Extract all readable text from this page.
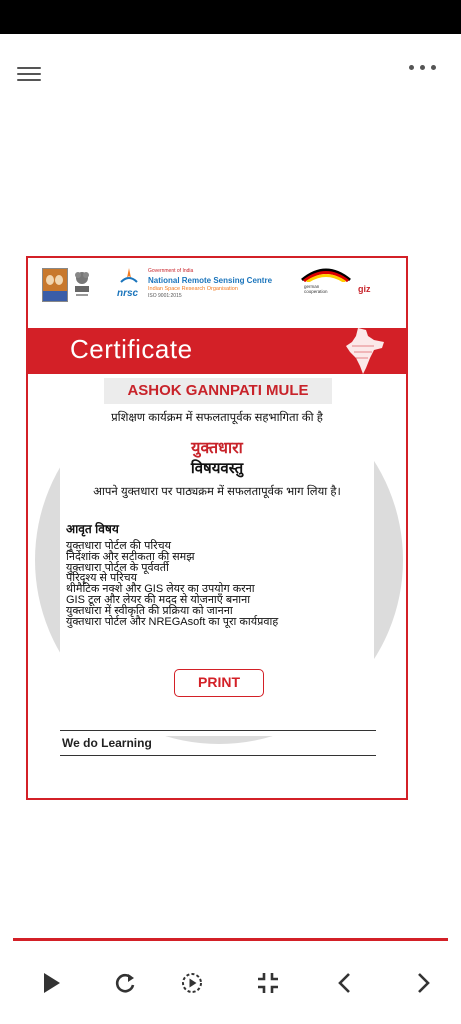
nrsc
Government of India
National Remote Sensing Centre
Indian Space Research Organisation
ISO 9001:2015
german cooperation	giz
Certificate
ASHOK GANNPATI MULE
प्रशिक्षण कार्यक्रम में सफलतापूर्वक सहभागिता की है
युक्तधारा
विषयवस्तु
आपने युक्तधारा पर पाठ्यक्रम में सफलतापूर्वक भाग लिया है।
आवृत विषय
युक्तधारा पोर्टल की परिचय
निर्देशांक और सटीकता की समझ
युक्तधारा पोर्टल के पूर्ववर्ती
परिदृश्य से परिचय
थीमैटिक नक्शे और GIS लेयर का उपयोग करना
GIS टूल और लेयर की मदद से योजनाएँ बनाना
युक्तधारा में स्वीकृति की प्रक्रिया को जानना
युक्तधारा पोर्टल और NREGAsoft का पूरा कार्यप्रवाह
PRINT
We do Learning
